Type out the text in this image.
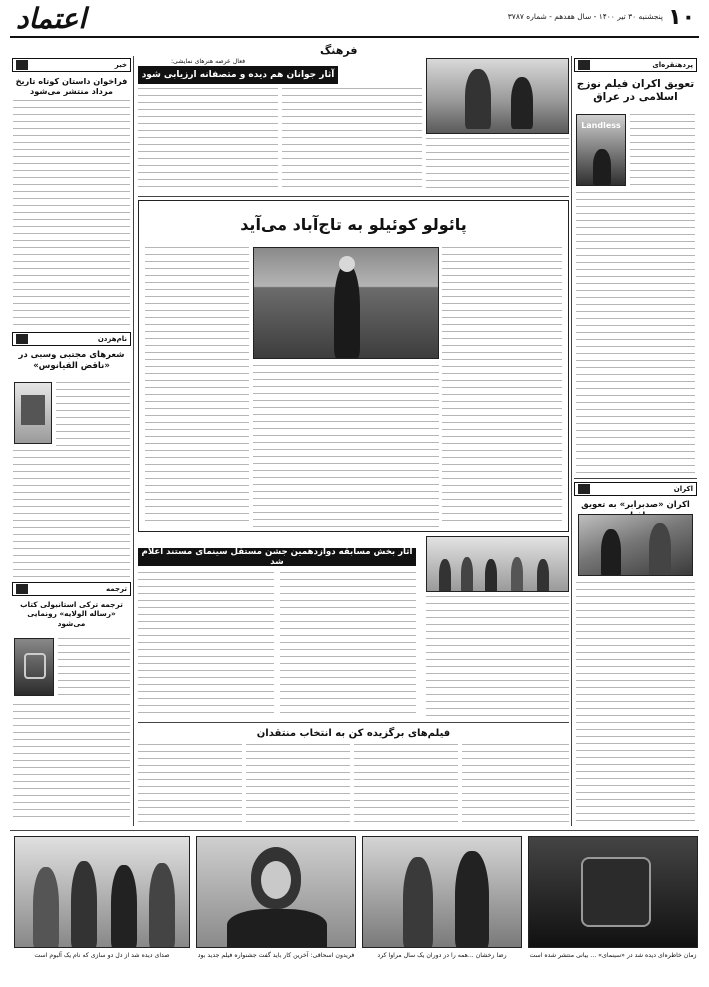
۱۰
پنجشنبه ۳۰ تیر ۱۴۰۰ - سال هفدهم - شماره ۳۷۸۷
اعتماد
فرهنگ
پردهنقره‌ای
تعویق اکران فیلم نوزج اسلامی در عراق
Landless
اکران
اکران «صدبرابر» به تعویق
خبر
فراخوان داستان کوتاه تاریخ مرداد منتشر می‌شود
نام‌هزدن
شعرهای مجتبی وسبی در «ناقض القیانوس»
ترجمه
ترجمه ترکی استانبولی کتاب «رساله الولایه» رونمایی می‌شود
فعال عرصه هنرهای نمایشی:
آثار جوانان هم دیده و متصفانه ارزیابی شود
پائولو کوئیلو به تاج‌آباد می‌آید
آثار بخش مسابقه دوازدهمین جشن مستقل سینمای مستند اعلام شد
فیلم‌های برگزیده کن به انتخاب منتقدان
زمان خاطره‌ای دیده شد در «سینمای» ... بیانی منتشر شده است
رضا رخشان ...همه را در دوران یک سال مراوا کرد
فریدون اسحاقی: آخرین کار باید گفت جشنواره فیلم جدید بود
صدای دیده شد از دل دو سازی که نام یک آلبوم است
